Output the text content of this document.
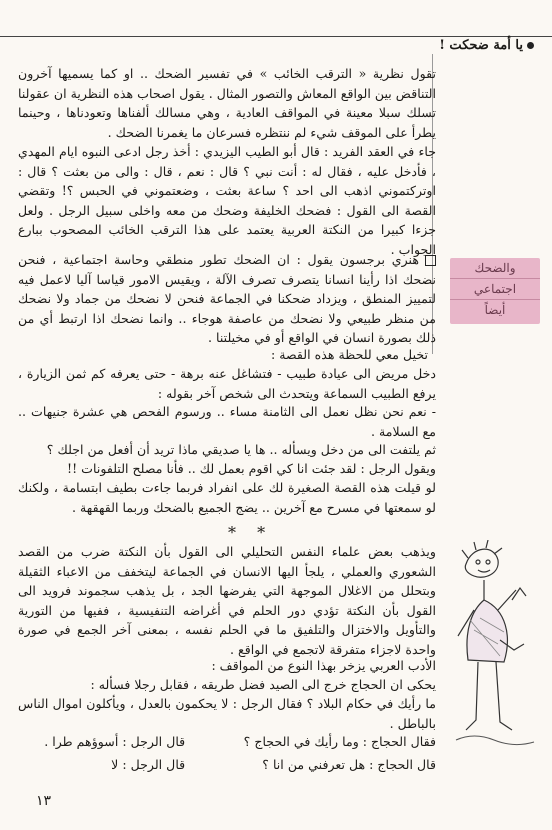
يا أمة ضحكت !

تقول نظرية « الترقب الخائب » في تفسير الضحك .. او كما يسميها آخرون التناقض بين الواقع المعاش والتصور المثال . يقول اصحاب هذه النظرية ان عقولنا تسلك سبلا معينة في المواقف العادية ، وهي مسالك ألفناها وتعودناها ، وحينما يطرأ على الموقف شيء لم ننتظره فسرعان ما يغمرنا الضحك .

جاء في العقد الفريد : قال أبو الطيب اليزيدي : أخذ رجل ادعى النبوه ايام المهدي ، فأدخل عليه ، فقال له : أنت نبي ؟ قال : نعم ، قال : والى من بعثت ؟ قال : اوتركتموني اذهب الى احد ؟ ساعة بعثت ، وضعتموني في الحبس ؟! وتقضي القصة الى القول : فضحك الخليفة وضحك من معه واخلى سبيل الرجل . ولعل جزءا كبيرا من النكتة العربية يعتمد على هذا الترقب الخائب المصحوب ببارع الجواب .

هنري برجسون يقول : ان الضحك تطور منطقي وحاسة اجتماعية ، فنحن نضحك اذا رأينا انسانا يتصرف تصرف الآلة ، ويقيس الامور قياسا آليا لاعمل فيه لتمييز المنطق ، ويزداد ضحكنا في الجماعة فنحن لا نضحك من جماد ولا نضحك من منظر طبيعي ولا نضحك من عاصفة هوجاء .. وانما نضحك اذا ارتبط أي من ذلك بصورة انسان في الواقع أو في مخيلتنا .

تخيل معي للحظة هذه القصة :

دخل مريض الى عيادة طبيب - فتشاغل عنه برهة - حتى يعرفه كم ثمن الزيارة ، يرفع الطبيب السماعة ويتحدث الى شخص آخر بقوله :

- نعم نحن نظل نعمل الى الثامنة مساء .. ورسوم الفحص هي عشرة جنيهات .. مع السلامة .

ثم يلتفت الى من دخل ويسأله .. ها يا صديقي ماذا تريد أن أفعل من اجلك ؟

ويقول الرجل : لقد جئت انا كي اقوم بعمل لك .. فأنا مصلح التلفونات !!

لو قيلت هذه القصة الصغيرة لك على انفراد فربما جاءت بطيف ابتسامة ، ولكنك لو سمعتها في مسرح مع آخرين .. يضج الجميع بالضحك وربما القهقهة .

* *

ويذهب بعض علماء النفس التحليلي الى القول بأن النكتة ضرب من القصد الشعوري والعملي ، يلجأ اليها الانسان في الجماعة ليتخفف من الاعباء الثقيلة وبتحلل من الاغلال الموجهة التي يفرضها الجد ، بل يذهب سجموند فرويد الى القول بأن النكتة تؤدي دور الحلم في أغراضه التنفيسية ، ففيها من التورية والتأويل والاختزال والتلفيق ما في الحلم نفسه ، بمعنى آخر الجمع في صورة واحدة لاجزاء متفرقة لاتجمع في الواقع .

الأدب العربي يزخر بهذا النوع من المواقف :

يحكى ان الحجاج خرج الى الصيد فضل طريقه ، فقابل رجلا فسأله :

ما رأيك في حكام البلاد ؟ فقال الرجل : لا يحكمون بالعدل ، ويأكلون اموال الناس بالباطل .

فقال الحجاج : وما رأيك في الحجاج ؟قال الرجل : أسوؤهم طرا .
قال الحجاج : هل تعرفني من انا ؟قال الرجل : لا
والضحك
اجتماعي
أيضاً
١٣
